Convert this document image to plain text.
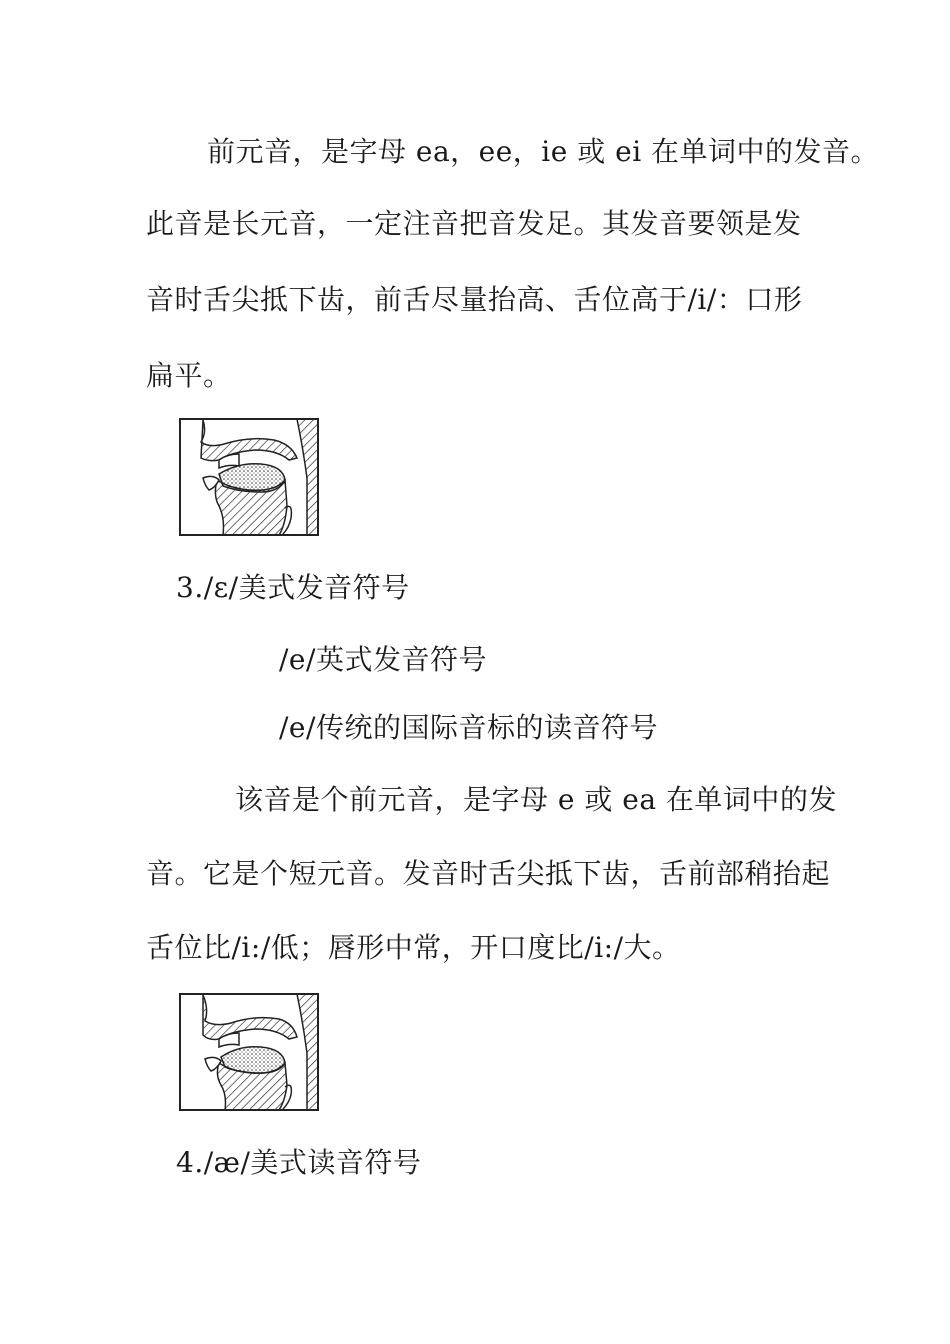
前元音，是字母 ea，ee，ie 或 ei 在单词中的发音。
此音是长元音，一定注音把音发足。其发音要领是发
音时舌尖抵下齿，前舌尽量抬高、舌位高于/i/：口形
扁平。
3./ɛ/美式发音符号
/e/英式发音符号
/e/传统的国际音标的读音符号
该音是个前元音，是字母 e 或 ea 在单词中的发
音。它是个短元音。发音时舌尖抵下齿，舌前部稍抬起
舌位比/i:/低；唇形中常，开口度比/i:/大。
4./æ/美式读音符号
